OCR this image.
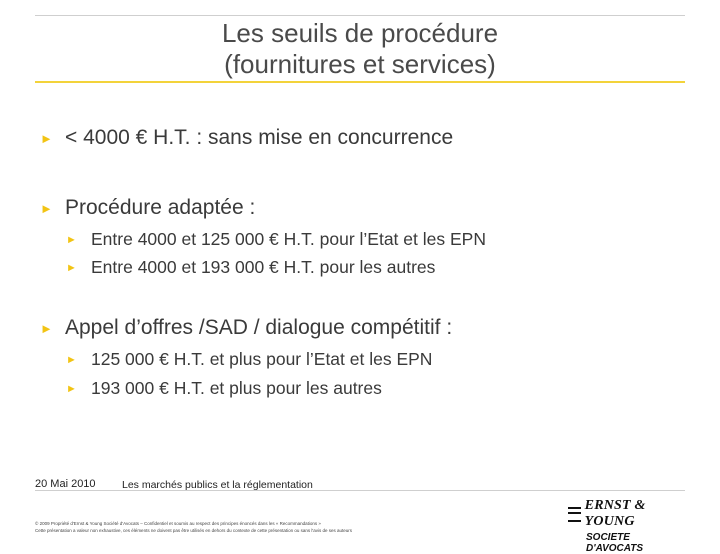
Les seuils de procédure
(fournitures et services)
► < 4000 € H.T. : sans mise en concurrence
► Procédure adaptée :
► Entre 4000 et 125 000 € H.T. pour l’Etat et les EPN
► Entre 4000 et 193 000 € H.T. pour les autres
► Appel d’offres /SAD / dialogue compétitif :
► 125 000 € H.T. et plus pour l’Etat et les EPN
► 193 000 € H.T. et plus pour les autres
20 Mai 2010	Les marchés publics et la réglementation
© 2009 Propriété d'Ernst & Young Société d'Avocats – Confidentiel et soumis au respect des principes énoncés dans les « Recommandations »
Cette présentation a valeur non exhaustive, ces éléments ne doivent pas être utilisés en dehors du contexte de cette présentation ou sans l'avis de ses auteurs
ERNST & YOUNG
SOCIETE D'AVOCATS
